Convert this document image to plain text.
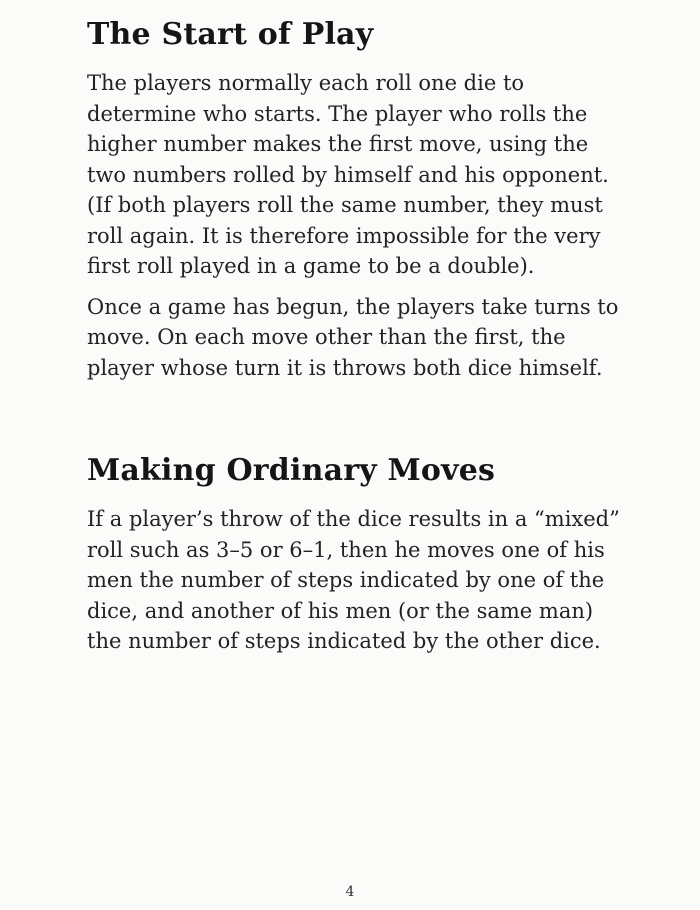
The Start of Play

The players normally each roll one die to
determine who starts. The player who rolls the
higher number makes the first move, using the
two numbers rolled by himself and his opponent.
(If both players roll the same number, they must
roll again. It is therefore impossible for the very
first roll played in a game to be a double).

Once a game has begun, the players take turns to
move. On each move other than the first, the
player whose turn it is throws both dice himself.

Making Ordinary Moves

If a player’s throw of the dice results in a “mixed”
roll such as 3–5 or 6–1, then he moves one of his
men the number of steps indicated by one of the
dice, and another of his men (or the same man)
the number of steps indicated by the other dice.

4
